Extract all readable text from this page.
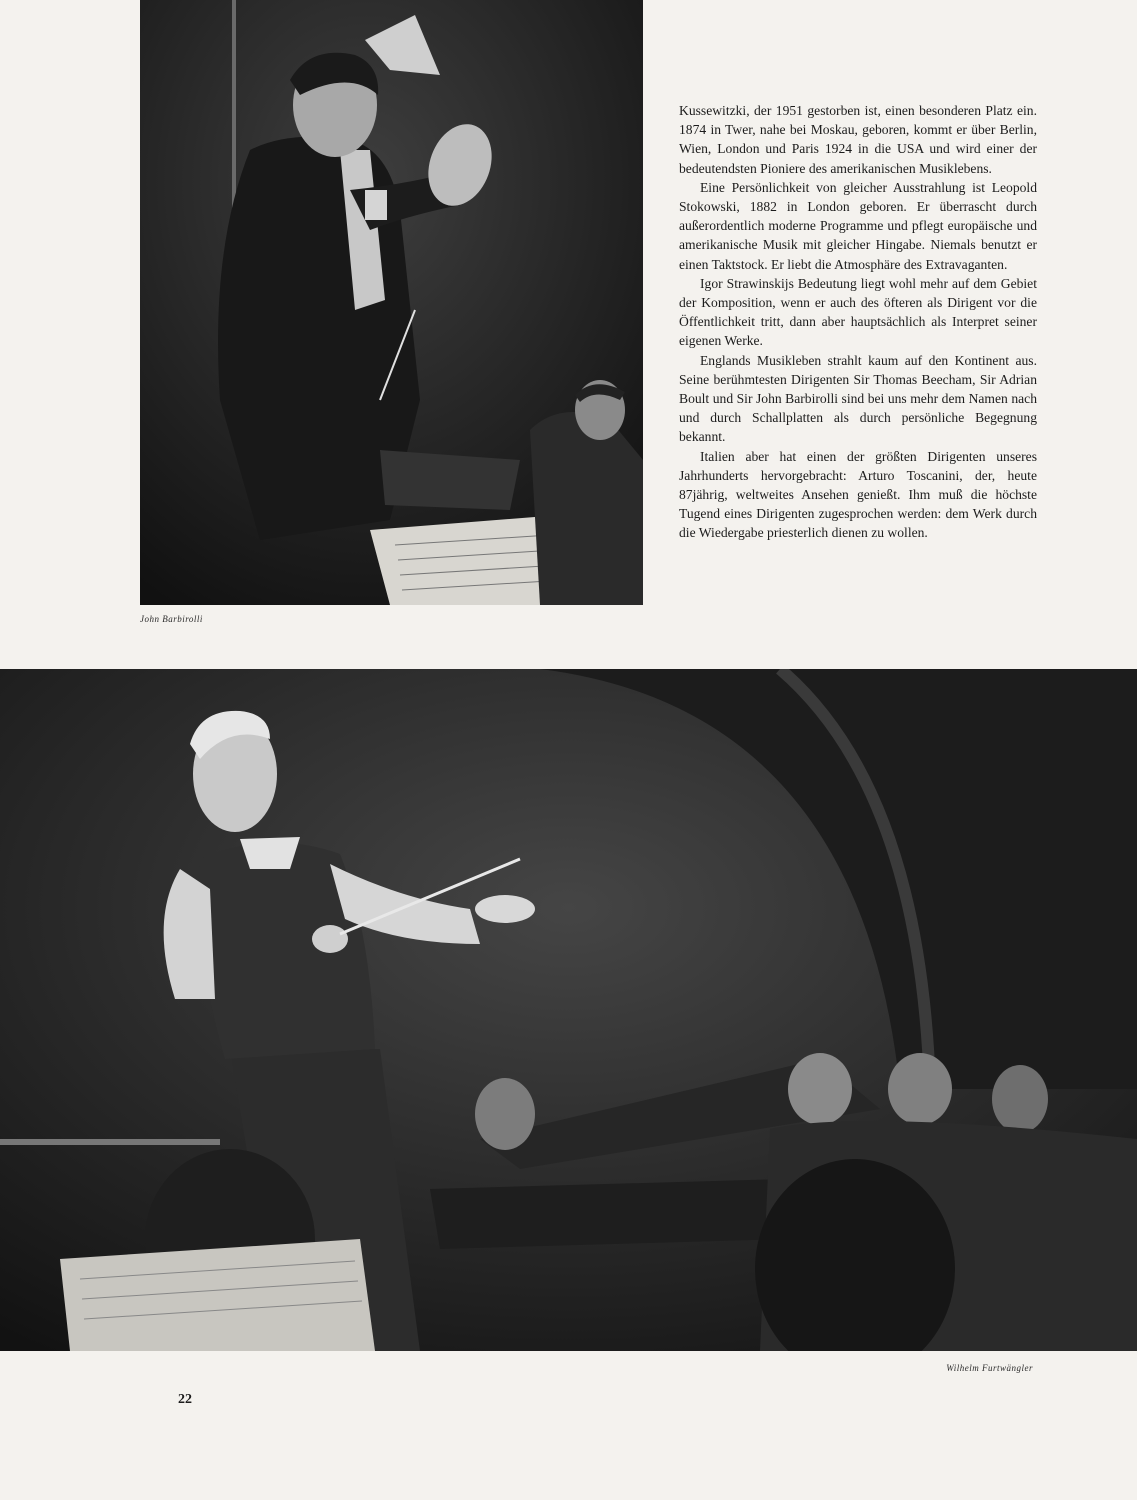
John Barbirolli

Kussewitzki, der 1951 gestorben ist, einen besonderen Platz ein. 1874 in Twer, nahe bei Moskau, geboren, kommt er über Berlin, Wien, London und Paris 1924 in die USA und wird einer der bedeutendsten Pioniere des amerikanischen Musiklebens.

Eine Persönlichkeit von gleicher Ausstrahlung ist Leopold Stokowski, 1882 in London geboren. Er überrascht durch außerordentlich moderne Programme und pflegt europäische und amerikanische Musik mit gleicher Hingabe. Niemals benutzt er einen Taktstock. Er liebt die Atmosphäre des Extravaganten.

Igor Strawinskijs Bedeutung liegt wohl mehr auf dem Gebiet der Komposition, wenn er auch des öfteren als Dirigent vor die Öffentlichkeit tritt, dann aber hauptsächlich als Interpret seiner eigenen Werke.

Englands Musikleben strahlt kaum auf den Kontinent aus. Seine berühmtesten Dirigenten Sir Thomas Beecham, Sir Adrian Boult und Sir John Barbirolli sind bei uns mehr dem Namen nach und durch Schallplatten als durch persönliche Begegnung bekannt.

Italien aber hat einen der größten Dirigenten unseres Jahrhunderts hervorgebracht: Arturo Toscanini, der, heute 87jährig, weltweites Ansehen genießt. Ihm muß die höchste Tugend eines Dirigenten zugesprochen werden: dem Werk durch die Wiedergabe priesterlich dienen zu wollen.

Wilhelm Furtwängler
22
